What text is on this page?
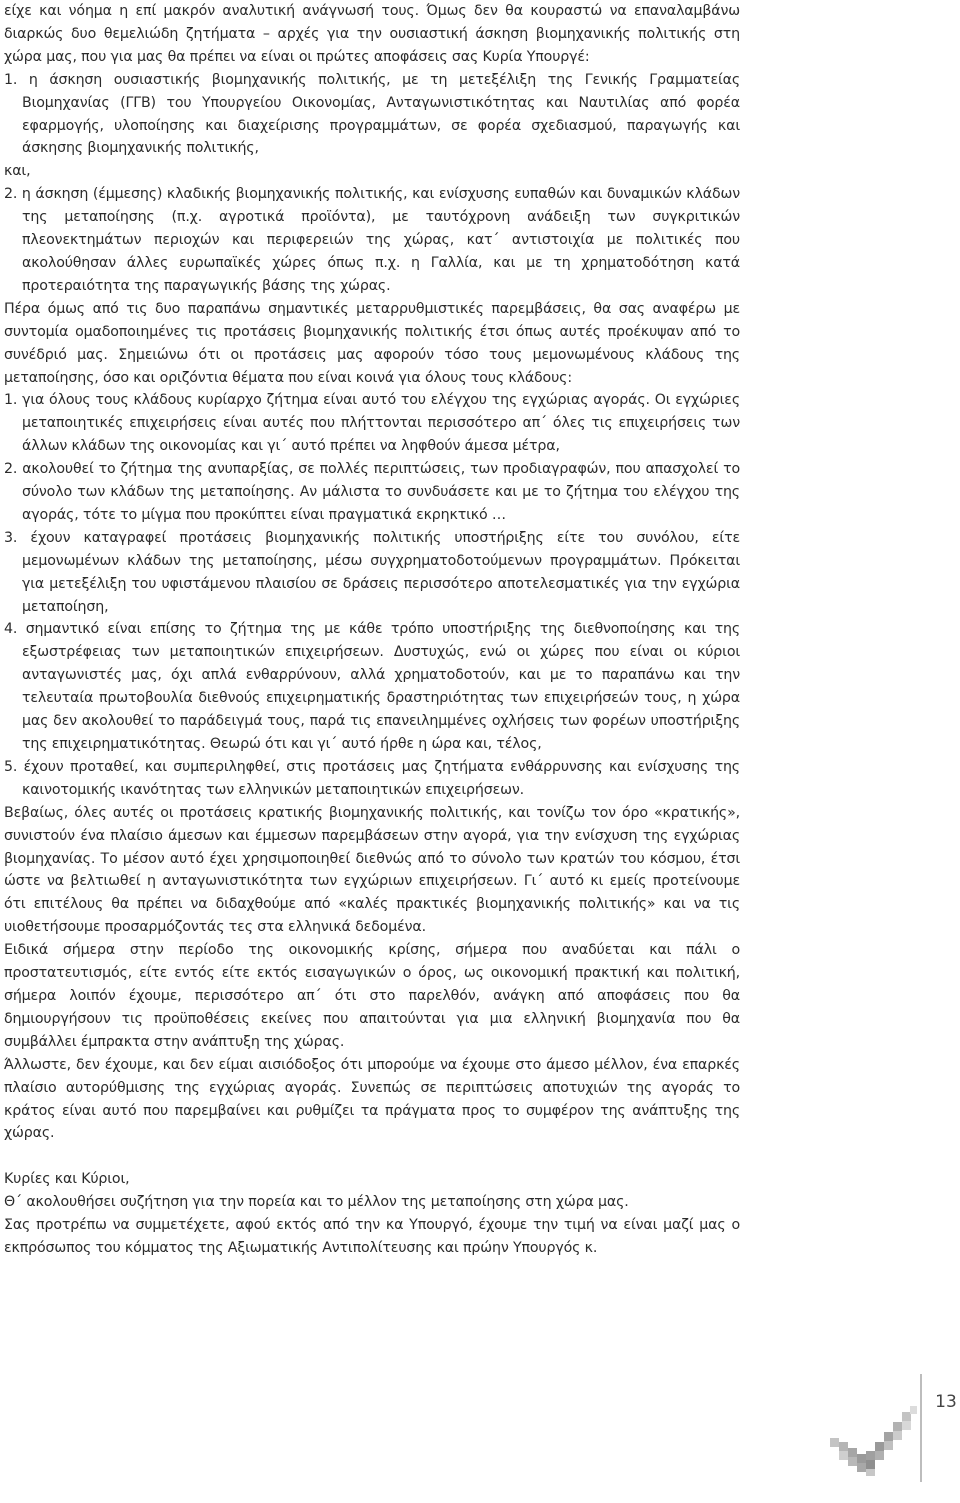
είχε και νόημα η επί μακρόν αναλυτική ανάγνωσή τους. Όμως δεν θα κουραστώ να επαναλαμβάνω διαρκώς δυο θεμελιώδη ζητήματα – αρχές για την ουσιαστική άσκηση βιομηχανικής πολιτικής στη χώρα μας, που για μας θα πρέπει να είναι οι πρώτες αποφάσεις σας Κυρία Υπουργέ:

1. η άσκηση ουσιαστικής βιομηχανικής πολιτικής, με τη μετεξέλιξη της Γενικής Γραμματείας Βιομηχανίας (ΓΓΒ) του Υπουργείου Οικονομίας, Ανταγωνιστικότητας και Ναυτιλίας από φορέα εφαρμογής, υλοποίησης και διαχείρισης προγραμμάτων, σε φορέα σχεδιασμού, παραγωγής και άσκησης βιομηχανικής πολιτικής,

και,

2. η άσκηση (έμμεσης) κλαδικής βιομηχανικής πολιτικής, και ενίσχυσης ευπαθών και δυναμικών κλάδων της μεταποίησης (π.χ. αγροτικά προϊόντα), με ταυτόχρονη ανάδειξη των συγκριτικών πλεονεκτημάτων περιοχών και περιφερειών της χώρας, κατ΄ αντιστοιχία με πολιτικές που ακολούθησαν άλλες ευρωπαϊκές χώρες όπως π.χ. η Γαλλία, και με τη χρηματοδότηση κατά προτεραιότητα της παραγωγικής βάσης της χώρας.

Πέρα όμως από τις δυο παραπάνω σημαντικές μεταρρυθμιστικές παρεμβάσεις, θα σας αναφέρω με συντομία ομαδοποιημένες τις προτάσεις βιομηχανικής πολιτικής έτσι όπως αυτές προέκυψαν από το συνέδριό μας. Σημειώνω ότι οι προτάσεις μας αφορούν τόσο τους μεμονωμένους κλάδους της μεταποίησης, όσο και οριζόντια θέματα που είναι κοινά για όλους τους κλάδους:

1. για όλους τους κλάδους κυρίαρχο ζήτημα είναι αυτό του ελέγχου της εγχώριας αγοράς. Οι εγχώριες μεταποιητικές επιχειρήσεις είναι αυτές που πλήττονται περισσότερο απ΄ όλες τις επιχειρήσεις των άλλων κλάδων της οικονομίας και γι΄ αυτό πρέπει να ληφθούν άμεσα μέτρα,

2. ακολουθεί το ζήτημα της ανυπαρξίας, σε πολλές περιπτώσεις, των προδιαγραφών, που απασχολεί το σύνολο των κλάδων της μεταποίησης. Αν μάλιστα το συνδυάσετε και με το ζήτημα του ελέγχου της αγοράς, τότε το μίγμα που προκύπτει είναι πραγματικά εκρηκτικό …

3. έχουν καταγραφεί προτάσεις βιομηχανικής πολιτικής υποστήριξης είτε του συνόλου, είτε μεμονωμένων κλάδων της μεταποίησης, μέσω συγχρηματοδοτούμενων προγραμμάτων. Πρόκειται για μετεξέλιξη του υφιστάμενου πλαισίου σε δράσεις περισσότερο αποτελεσματικές για την εγχώρια μεταποίηση,

4. σημαντικό είναι επίσης το ζήτημα της με κάθε τρόπο υποστήριξης της διεθνοποίησης και της εξωστρέφειας των μεταποιητικών επιχειρήσεων. Δυστυχώς, ενώ οι χώρες που είναι οι κύριοι ανταγωνιστές μας, όχι απλά ενθαρρύνουν, αλλά χρηματοδοτούν, και με το παραπάνω και την τελευταία πρωτοβουλία διεθνούς επιχειρηματικής δραστηριότητας των επιχειρήσεών τους, η χώρα μας δεν ακολουθεί το παράδειγμά τους, παρά τις επανειλημμένες οχλήσεις των φορέων υποστήριξης της επιχειρηματικότητας. Θεωρώ ότι και γι΄ αυτό ήρθε η ώρα και, τέλος,

5. έχουν προταθεί, και συμπεριληφθεί, στις προτάσεις μας ζητήματα ενθάρρυνσης και ενίσχυσης της καινοτομικής ικανότητας των ελληνικών μεταποιητικών επιχειρήσεων.

Βεβαίως, όλες αυτές οι προτάσεις κρατικής βιομηχανικής πολιτικής, και τονίζω τον όρο «κρατικής», συνιστούν ένα πλαίσιο άμεσων και έμμεσων παρεμβάσεων στην αγορά, για την ενίσχυση της εγχώριας βιομηχανίας. Το μέσον αυτό έχει χρησιμοποιηθεί διεθνώς από το σύνολο των κρατών του κόσμου, έτσι ώστε να βελτιωθεί η ανταγωνιστικότητα των εγχώριων επιχειρήσεων. Γι΄ αυτό κι εμείς προτείνουμε ότι επιτέλους θα πρέπει να διδαχθούμε από «καλές πρακτικές βιομηχανικής πολιτικής» και να τις υιοθετήσουμε προσαρμόζοντάς τες στα ελληνικά δεδομένα.

Ειδικά σήμερα στην περίοδο της οικονομικής κρίσης, σήμερα που αναδύεται και πάλι ο προστατευτισμός, είτε εντός είτε εκτός εισαγωγικών ο όρος, ως οικονομική πρακτική και πολιτική, σήμερα λοιπόν έχουμε, περισσότερο απ΄ ότι στο παρελθόν, ανάγκη από αποφάσεις που θα δημιουργήσουν τις προϋποθέσεις εκείνες που απαιτούνται για μια ελληνική βιομηχανία που θα συμβάλλει έμπρακτα στην ανάπτυξη της χώρας.

Άλλωστε, δεν έχουμε, και δεν είμαι αισιόδοξος ότι μπορούμε να έχουμε στο άμεσο μέλλον, ένα επαρκές πλαίσιο αυτορύθμισης της εγχώριας αγοράς. Συνεπώς σε περιπτώσεις αποτυχιών της αγοράς το κράτος είναι αυτό που παρεμβαίνει και ρυθμίζει τα πράγματα προς το συμφέρον της ανάπτυξης της χώρας.

Κυρίες και Κύριοι,

Θ΄ ακολουθήσει συζήτηση για την πορεία και το μέλλον της μεταποίησης στη χώρα μας.

Σας προτρέπω να συμμετέχετε, αφού εκτός από την κα Υπουργό, έχουμε την τιμή να είναι μαζί μας ο εκπρόσωπος του κόμματος της Αξιωματικής Αντιπολίτευσης και πρώην Υπουργός κ.

13
